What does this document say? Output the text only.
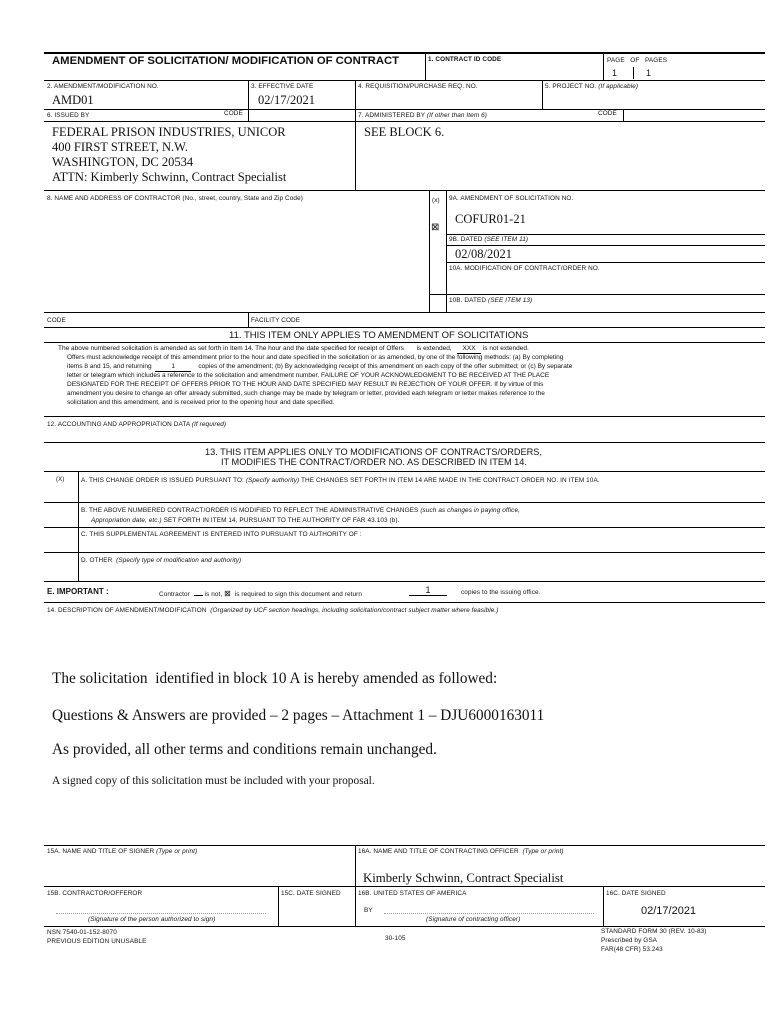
AMENDMENT OF SOLICITATION/ MODIFICATION OF CONTRACT	1. CONTRACT ID CODE	PAGE   OF   PAGES
1	1
2. AMENDMENT/MODIFICATION NO.
AMD01
3. EFFECTIVE DATE
02/17/2021
4. REQUISITION/PURCHASE REQ. NO.	5. PROJECT NO. (If applicable)
6. ISSUED BY	CODE	7. ADMINISTERED BY (If other than Item 6)	CODE
FEDERAL PRISON INDUSTRIES, UNICOR
400 FIRST STREET, N.W.
WASHINGTON, DC 20534
ATTN: Kimberly Schwinn, Contract Specialist
SEE BLOCK 6.
8. NAME AND ADDRESS OF CONTRACTOR (No., street, country, State and Zip Code)	(x)
⊠
9A. AMENDMENT OF SOLICITATION NO.
COFUR01-21
9B. DATED (SEE ITEM 11)
02/08/2021
10A. MODIFICATION OF CONTRACT/ORDER NO.
10B. DATED (SEE ITEM 13)
CODE	FACILITY CODE
11. THIS ITEM ONLY APPLIES TO AMENDMENT OF SOLICITATIONS
The above numbered solicitation is amended as set forth in Item 14. The hour and the date specified for receipt of Offers is extended, XXX is not extended.
Offers must acknowledge receipt of this amendment prior to the hour and date specified in the solicitation or as amended, by one of the following methods: (a) By completing
items 8 and 15, and returning	1	copies of the amendment; (b) By acknowledging receipt of this amendment on each copy of the offer submitted; or (c) By separate
letter or telegram which includes a reference to the solicitation and amendment number. FAILURE OF YOUR ACKNOWLEDGMENT TO BE RECEIVED AT THE PLACE
DESIGNATED FOR THE RECEIPT OF OFFERS PRIOR TO THE HOUR AND DATE SPECIFIED MAY RESULT IN REJECTION OF YOUR OFFER. If by virtue of this
amendment you desire to change an offer already submitted, such change may be made by telegram or letter, provided each telegram or letter makes reference to the
solicitation and this amendment, and is received prior to the opening hour and date specified.
12. ACCOUNTING AND APPROPRIATION DATA (If required)
13. THIS ITEM APPLIES ONLY TO MODIFICATIONS OF CONTRACTS/ORDERS,
IT MODIFIES THE CONTRACT/ORDER NO. AS DESCRIBED IN ITEM 14.
(X)	A. THIS CHANGE ORDER IS ISSUED PURSUANT TO: (Specify authority) THE CHANGES SET FORTH IN ITEM 14 ARE MADE IN THE CONTRACT ORDER NO. IN ITEM 10A.
B. THE ABOVE NUMBERED CONTRACT/ORDER IS MODIFIED TO REFLECT THE ADMINISTRATIVE CHANGES (such as changes in paying office,
Appropriation date, etc.) SET FORTH IN ITEM 14, PURSUANT TO THE AUTHORITY OF FAR 43.103 (b).
C. THIS SUPPLEMENTAL AGREEMENT IS ENTERED INTO PURSUANT TO AUTHORITY OF :
D. OTHER (Specify type of modification and authority)
E. IMPORTANT :	Contractor is not, ⊠ is required to sign this document and return	1	copies to the issuing office.
14. DESCRIPTION OF AMENDMENT/MODIFICATION (Organized by UCF section headings, including solicitation/contract subject matter where feasible.)
The solicitation  identified in block 10 A is hereby amended as followed:
Questions & Answers are provided – 2 pages – Attachment 1 – DJU6000163011
As provided, all other terms and conditions remain unchanged.
A signed copy of this solicitation must be included with your proposal.
15A. NAME AND TITLE OF SIGNER (Type or print)	16A. NAME AND TITLE OF CONTRACTING OFFICER (Type or print)
Kimberly Schwinn, Contract Specialist
15B. CONTRACTOR/OFFEROR
(Signature of the person authorized to sign)
15C. DATE SIGNED	16B. UNITED STATES OF AMERICA
BY
(Signature of contracting officer)
16C. DATE SIGNED
02/17/2021
NSN 7540-01-152-8070
PREVIOUS EDITION UNUSABLE	30-105
STANDARD FORM 30 (REV. 10-83)
Prescribed by GSA
FAR(48 CFR) 53.243
